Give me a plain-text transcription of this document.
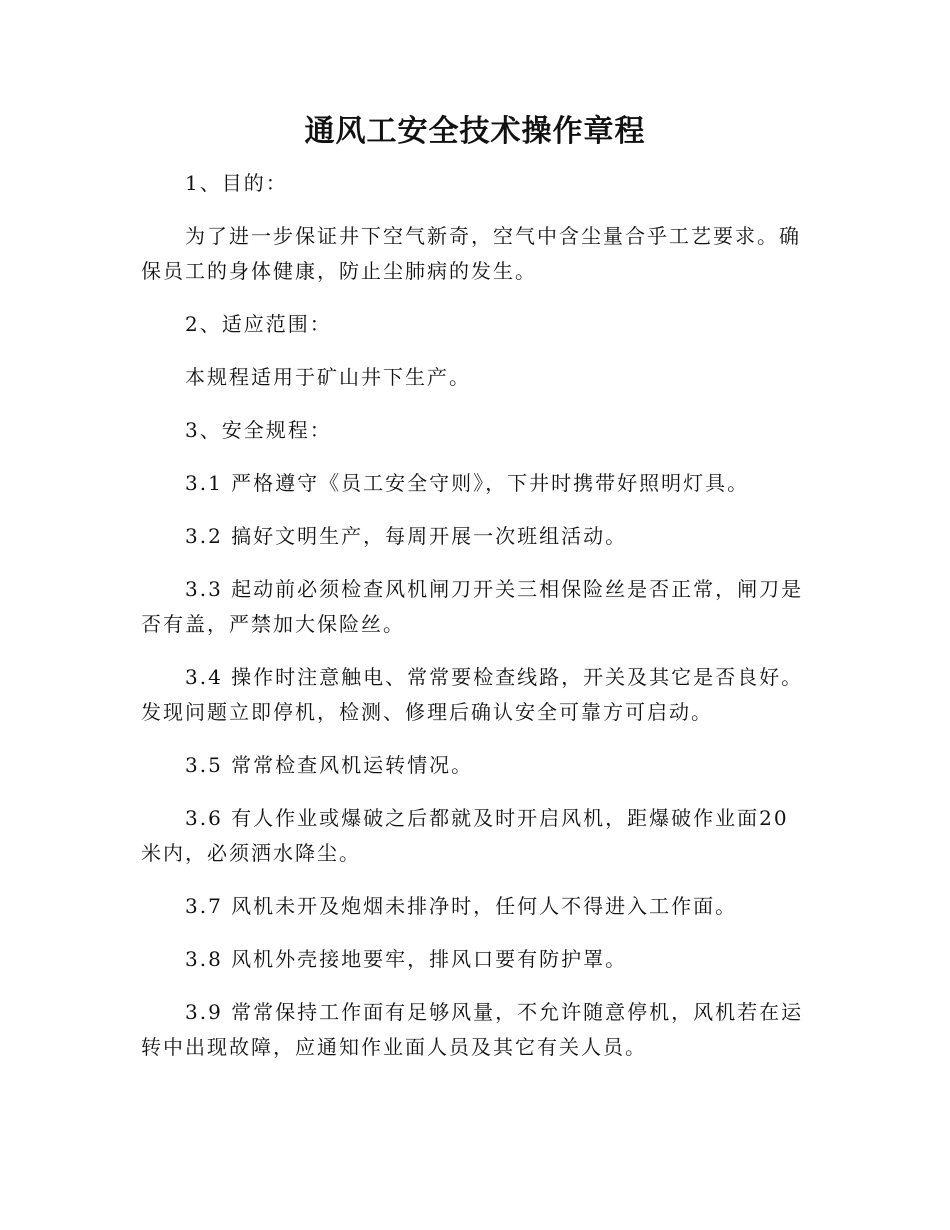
通风工安全技术操作章程

1、目的：

为了进一步保证井下空气新奇，空气中含尘量合乎工艺要求。确保员工的身体健康，防止尘肺病的发生。

2、适应范围：

本规程适用于矿山井下生产。

3、安全规程：

3.1 严格遵守《员工安全守则》，下井时携带好照明灯具。

3.2 搞好文明生产，每周开展一次班组活动。

3.3 起动前必须检查风机闸刀开关三相保险丝是否正常，闸刀是否有盖，严禁加大保险丝。

3.4 操作时注意触电、常常要检查线路，开关及其它是否良好。发现问题立即停机，检测、修理后确认安全可靠方可启动。

3.5 常常检查风机运转情况。

3.6 有人作业或爆破之后都就及时开启风机，距爆破作业面20米内，必须洒水降尘。

3.7 风机未开及炮烟未排净时，任何人不得进入工作面。

3.8 风机外壳接地要牢，排风口要有防护罩。

3.9 常常保持工作面有足够风量，不允许随意停机，风机若在运转中出现故障，应通知作业面人员及其它有关人员。
